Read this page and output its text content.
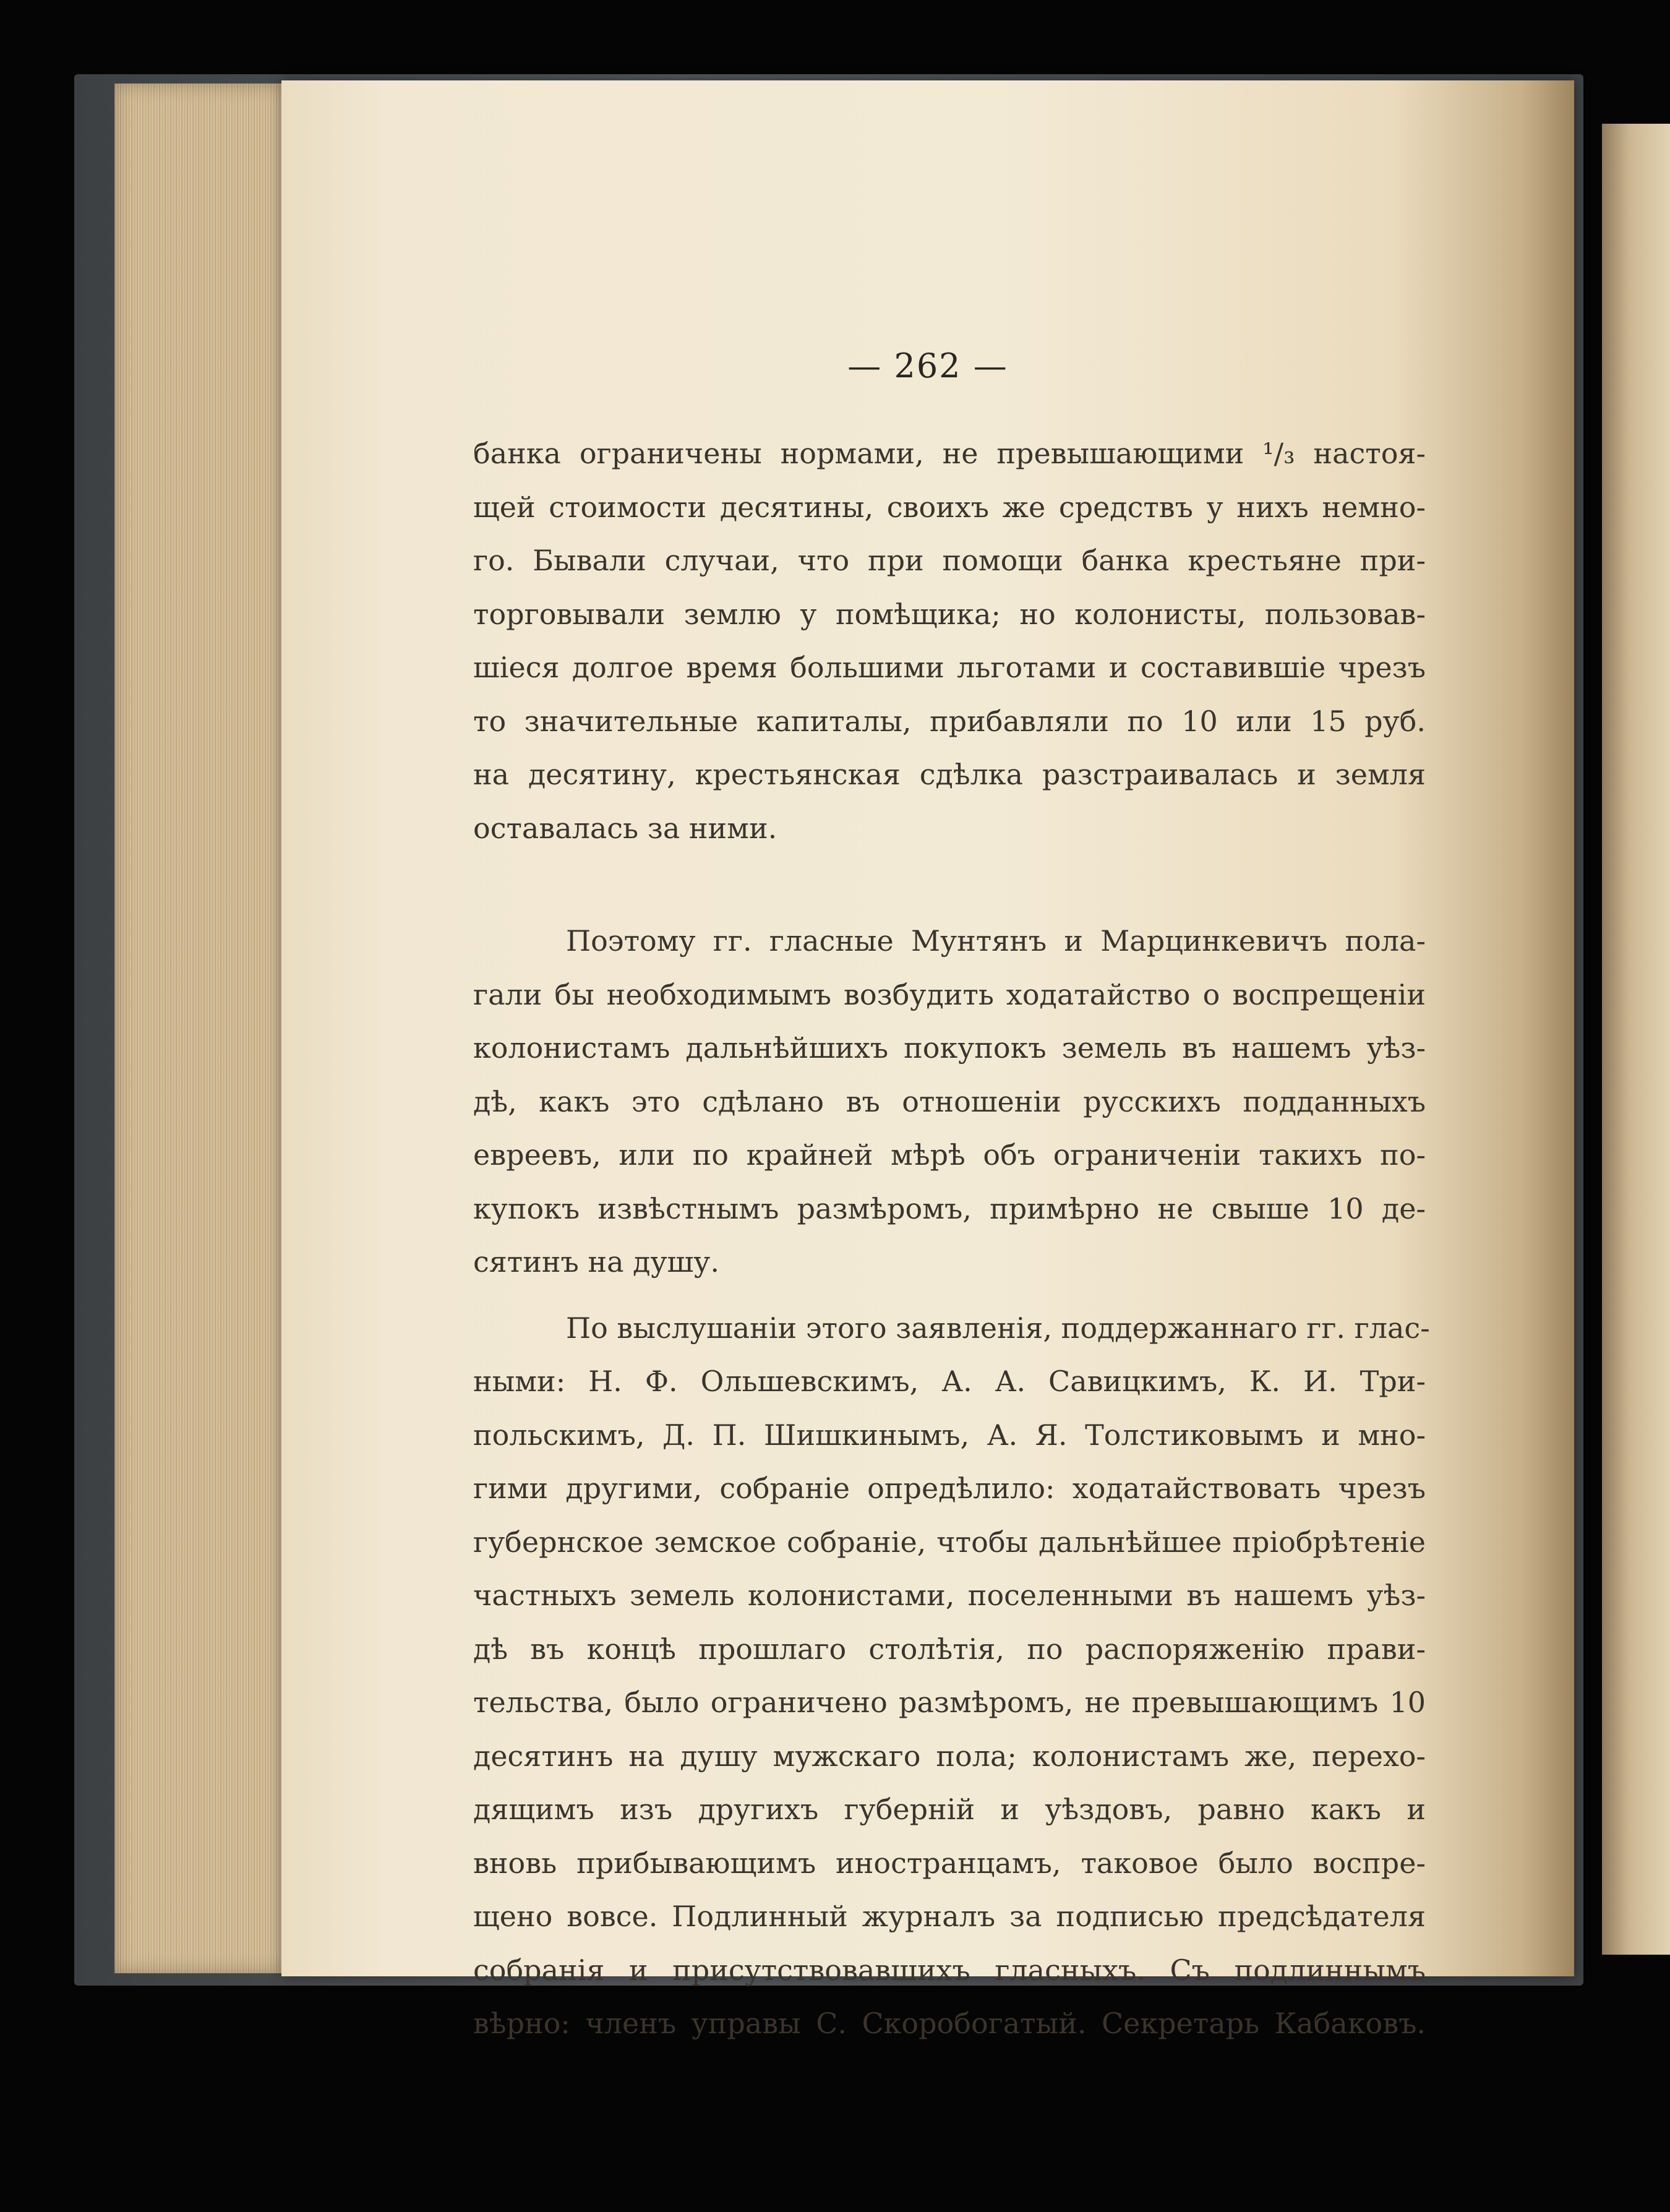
— 262 —
банка ограничены нормами, не превышающими ¹/₃ настоя-
щей стоимости десятины, своихъ же средствъ у нихъ немно-
го. Бывали случаи, что при помощи банка крестьяне при-
торговывали землю у помѣщика; но колонисты, пользовав-
шіеся долгое время большими льготами и составившіе чрезъ
то значительные капиталы, прибавляли по 10 или 15 руб.
на десятину, крестьянская сдѣлка разстраивалась и земля
оставалась за ними.
Поэтому гг. гласные Мунтянъ и Марцинкевичъ пола-
гали бы необходимымъ возбудить ходатайство о воспрещеніи
колонистамъ дальнѣйшихъ покупокъ земель въ нашемъ уѣз-
дѣ, какъ это сдѣлано въ отношеніи русскихъ подданныхъ
евреевъ, или по крайней мѣрѣ объ ограниченіи такихъ по-
купокъ извѣстнымъ размѣромъ, примѣрно не свыше 10 де-
сятинъ на душу.
По выслушаніи этого заявленія, поддержаннаго гг. глас-
ными: Н. Ф. Ольшевскимъ, А. А. Савицкимъ, К. И. Три-
польскимъ, Д. П. Шишкинымъ, А. Я. Толстиковымъ и мно-
гими другими, собраніе опредѣлило: ходатайствовать чрезъ
губернское земское собраніе, чтобы дальнѣйшее пріобрѣтеніе
частныхъ земель колонистами, поселенными въ нашемъ уѣз-
дѣ въ концѣ прошлаго столѣтія, по распоряженію прави-
тельства, было ограничено размѣромъ, не превышающимъ 10
десятинъ на душу мужскаго пола; колонистамъ же, перехо-
дящимъ изъ другихъ губерній и уѣздовъ, равно какъ и
вновь прибывающимъ иностранцамъ, таковое было воспре-
щено вовсе. Подлинный журналъ за подписью предсѣдателя
собранія и присутствовавшихъ гласныхъ. Съ подлиннымъ
вѣрно: членъ управы С. Скоробогатый. Секретарь Кабаковъ.
